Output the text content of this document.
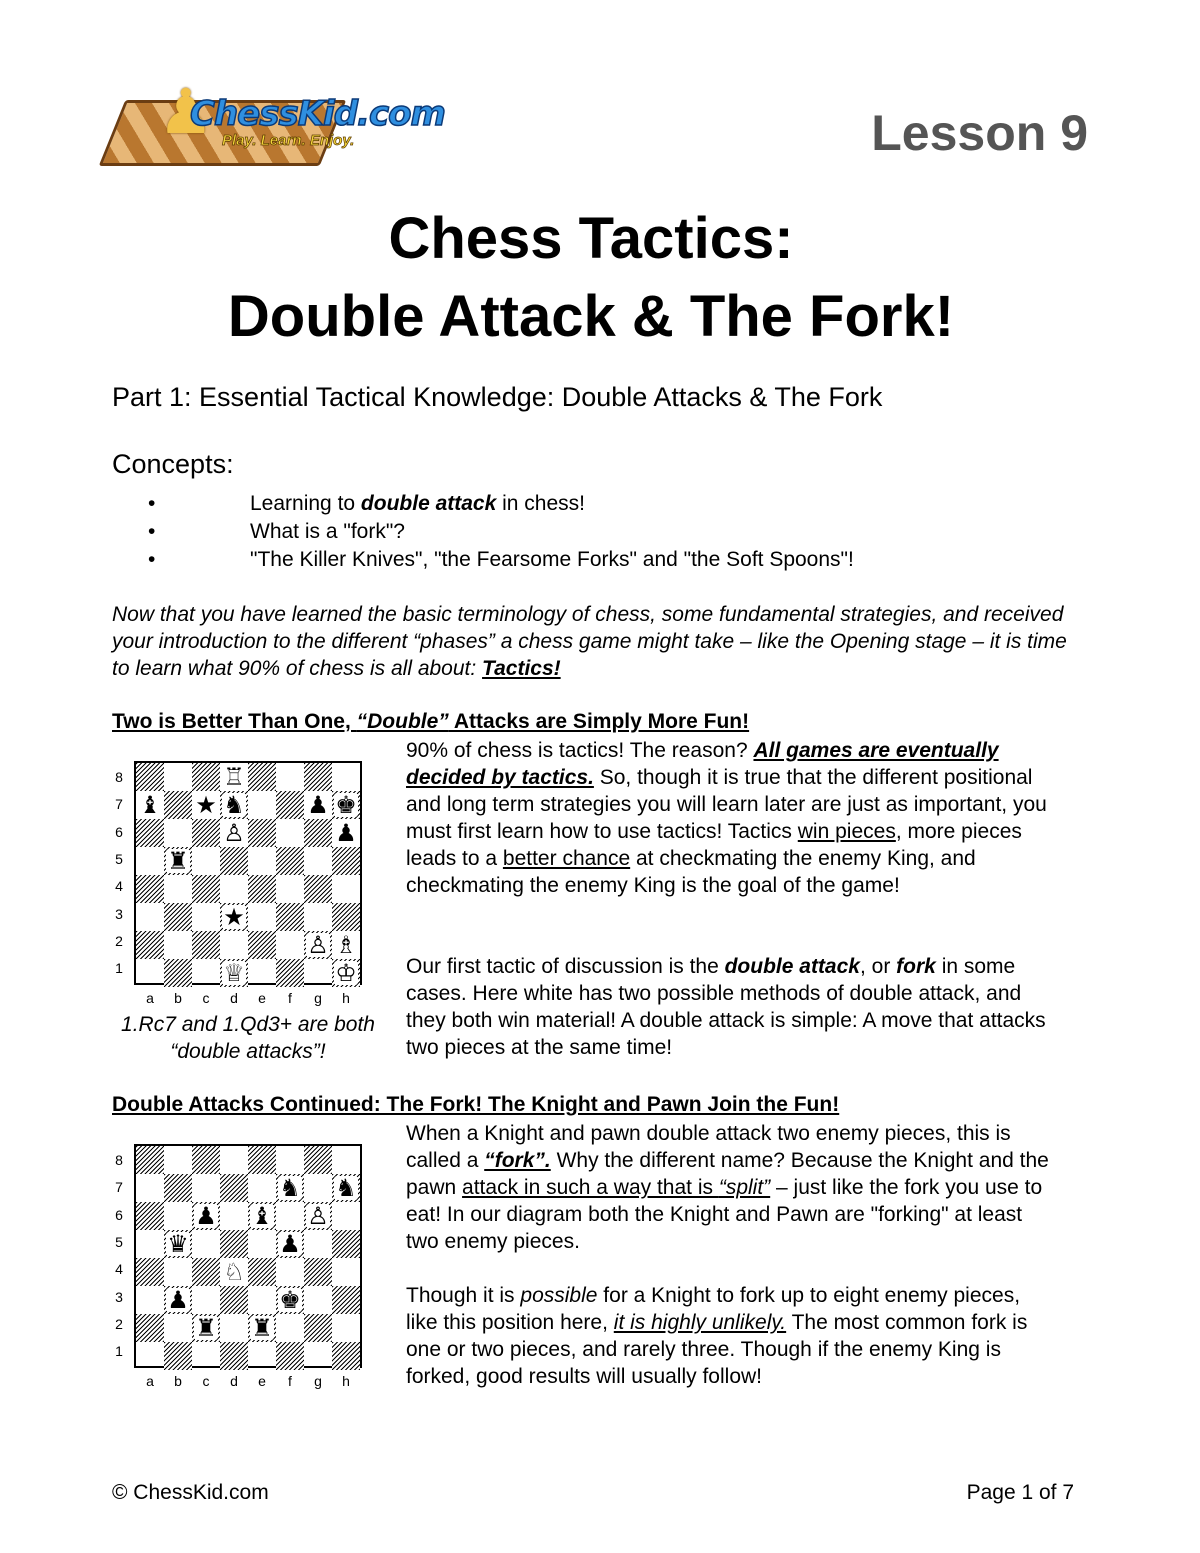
♟
ChessKid.com
Play. Learn. Enjoy.	Lesson 9
Chess Tactics:
Double Attack & The Fork!
Part 1: Essential Tactical Knowledge: Double Attacks & The Fork
Concepts:
•	Learning to double attack in chess!
•	What is a "fork"?
•	"The Killer Knives", "the Fearsome Forks" and "the Soft Spoons"!
Now that you have learned the basic terminology of chess, some fundamental strategies, and received your introduction to the different “phases” a chess game might take – like the Opening stage – it is time to learn what 90% of chess is all about: Tactics!
Two is Better Than One, “Double” Attacks are Simply More Fun!
90% of chess is tactics! The reason? All games are eventually decided by tactics. So, though it is true that the different positional and long term strategies you will learn later are just as important, you must first learn how to use tactics! Tactics win pieces, more pieces leads to a better chance at checkmating the enemy King, and checkmating the enemy King is the goal of the game!
Our first tactic of discussion is the double attack, or fork in some cases. Here white has two possible methods of double attack, and they both win material! A double attack is simple: A move that attacks two pieces at the same time!
♖
♝ ★ ♞	♟ ♚
♙	♟
♜
★
♙ ♗
♕	♔
1.Rc7 and 1.Qd3+ are both “double attacks”!
Double Attacks Continued: The Fork! The Knight and Pawn Join the Fun!
When a Knight and pawn double attack two enemy pieces, this is called a “fork”. Why the different name? Because the Knight and the pawn attack in such a way that is “split” – just like the fork you use to eat! In our diagram both the Knight and Pawn are "forking" at least two enemy pieces.
Though it is possible for a Knight to fork up to eight enemy pieces, like this position here, it is highly unlikely. The most common fork is one or two pieces, and rarely three. Though if the enemy King is forked, good results will usually follow!
♞ ♞
♟ ♝ ♙
♛	♟
♘
♟	♚
♜ ♜
© ChessKid.com	Page 1 of 7
8
7
6
5
4
3
2
1
a	b	c	d	e	f	g	h
8
7
6
5
4
3
2
1
a	b	c	d	e	f	g	h
